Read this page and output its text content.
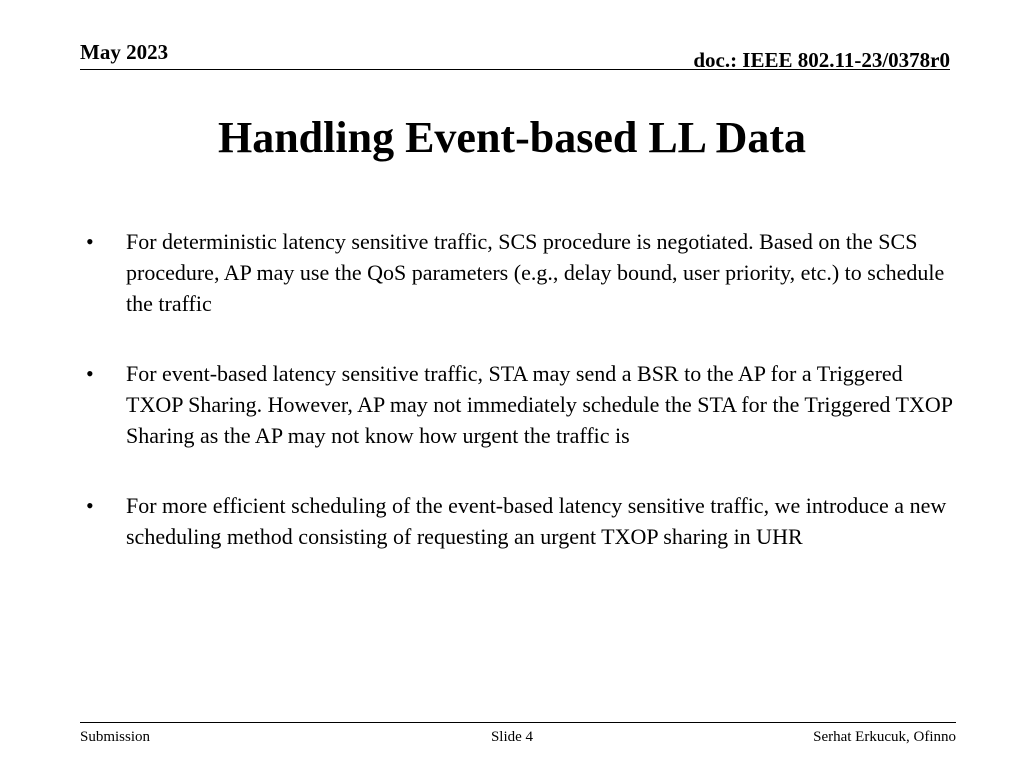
May 2023	doc.: IEEE 802.11-23/0378r0
Handling Event-based LL Data
• For deterministic latency sensitive traffic, SCS procedure is negotiated. Based on the SCS procedure, AP may use the QoS parameters (e.g., delay bound, user priority, etc.) to schedule the traffic
• For event-based latency sensitive traffic, STA may send a BSR to the AP for a Triggered TXOP Sharing. However, AP may not immediately schedule the STA for the Triggered TXOP Sharing as the AP may not know how urgent the traffic is
• For more efficient scheduling of the event-based latency sensitive traffic, we introduce a new scheduling method consisting of requesting an urgent TXOP sharing in UHR
Submission	Slide 4	Serhat Erkucuk, Ofinno
